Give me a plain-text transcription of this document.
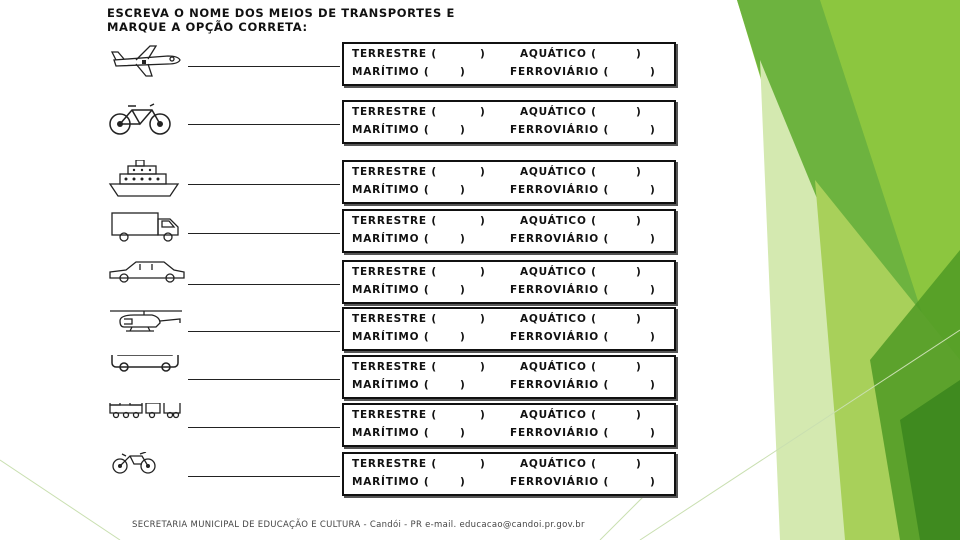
ESCREVA O NOME DOS MEIOS DE TRANSPORTES E
MARQUE A OPÇÃO CORRETA:
TERRESTRE (	)	AQUÁTICO (	)
MARÍTIMO (	)	FERROVIÁRIO (	)
TERRESTRE (	)	AQUÁTICO (	)
MARÍTIMO (	)	FERROVIÁRIO (	)
TERRESTRE (	)	AQUÁTICO (	)
MARÍTIMO (	)	FERROVIÁRIO (	)
TERRESTRE (	)	AQUÁTICO (	)
MARÍTIMO (	)	FERROVIÁRIO (	)
TERRESTRE (	)	AQUÁTICO (	)
MARÍTIMO (	)	FERROVIÁRIO (	)
TERRESTRE (	)	AQUÁTICO (	)
MARÍTIMO (	)	FERROVIÁRIO (	)
TERRESTRE (	)	AQUÁTICO (	)
MARÍTIMO (	)	FERROVIÁRIO (	)
TERRESTRE (	)	AQUÁTICO (	)
MARÍTIMO (	)	FERROVIÁRIO (	)
TERRESTRE (	)	AQUÁTICO (	)
MARÍTIMO (	)	FERROVIÁRIO (	)
SECRETARIA MUNICIPAL DE EDUCAÇÃO E CULTURA - Candói - PR e-mail. educacao@candoi.pr.gov.br
